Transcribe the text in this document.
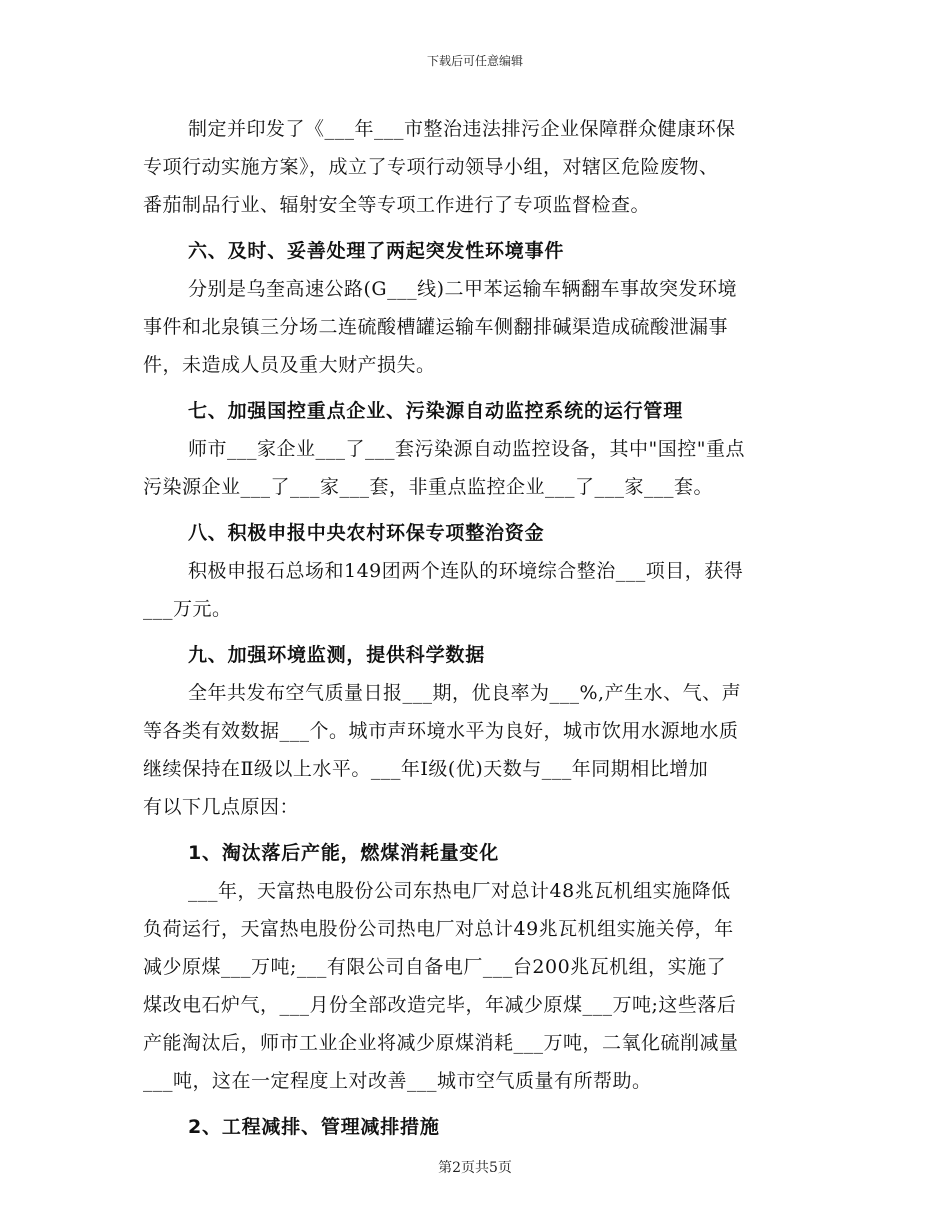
下载后可任意编辑
制定并印发了《___年___市整治违法排污企业保障群众健康环保
专项行动实施方案》，成立了专项行动领导小组，对辖区危险废物、
番茄制品行业、辐射安全等专项工作进行了专项监督检查。
六、及时、妥善处理了两起突发性环境事件
分别是乌奎高速公路(G___线)二甲苯运输车辆翻车事故突发环境
事件和北泉镇三分场二连硫酸槽罐运输车侧翻排碱渠造成硫酸泄漏事
件，未造成人员及重大财产损失。
七、加强国控重点企业、污染源自动监控系统的运行管理
师市___家企业___了___套污染源自动监控设备，其中"国控"重点
污染源企业___了___家___套，非重点监控企业___了___家___套。
八、积极申报中央农村环保专项整治资金
积极申报石总场和149团两个连队的环境综合整治___项目，获得
___万元。
九、加强环境监测，提供科学数据
全年共发布空气质量日报___期，优良率为___%,产生水、气、声
等各类有效数据___个。城市声环境水平为良好，城市饮用水源地水质
继续保持在Ⅱ级以上水平。___年Ⅰ级(优)天数与___年同期相比增加
有以下几点原因：
1、淘汰落后产能，燃煤消耗量变化
___年，天富热电股份公司东热电厂对总计48兆瓦机组实施降低
负荷运行，天富热电股份公司热电厂对总计49兆瓦机组实施关停，年
减少原煤___万吨;___有限公司自备电厂___台200兆瓦机组，实施了
煤改电石炉气，___月份全部改造完毕，年减少原煤___万吨;这些落后
产能淘汰后，师市工业企业将减少原煤消耗___万吨，二氧化硫削减量
___吨，这在一定程度上对改善___城市空气质量有所帮助。
2、工程减排、管理减排措施
第2页共5页
